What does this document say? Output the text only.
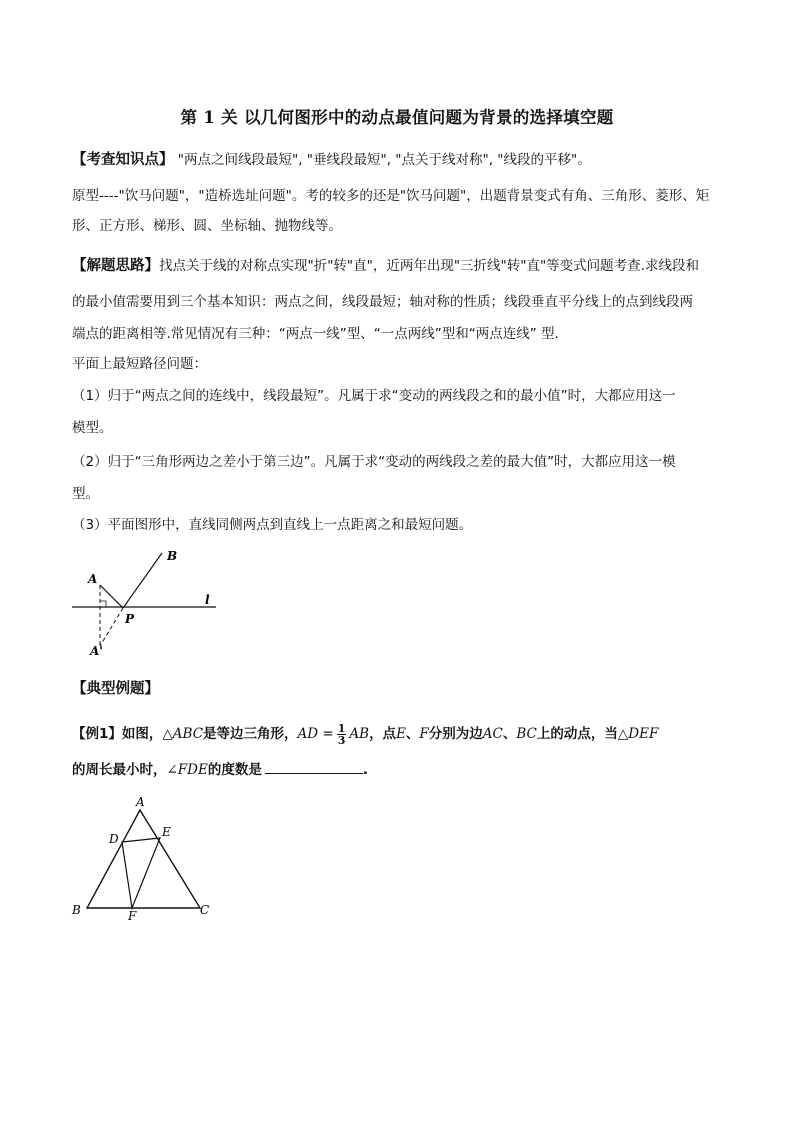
第 1 关 以几何图形中的动点最值问题为背景的选择填空题
【考查知识点】 "两点之间线段最短", "垂线段最短", "点关于线对称", "线段的平移"。
原型----"饮马问题"，"造桥选址问题"。考的较多的还是"饮马问题"，出题背景变式有角、三角形、菱形、矩
形、正方形、梯形、圆、坐标轴、抛物线等。
【解题思路】找点关于线的对称点实现"折"转"直"，近两年出现"三折线"转"直"等变式问题考查.求线段和
的最小值需要用到三个基本知识：两点之间，线段最短；轴对称的性质；线段垂直平分线上的点到线段两
端点的距离相等.常见情况有三种：“两点一线”型、“一点两线”型和“两点连线” 型.
平面上最短路径问题：
（1）归于“两点之间的连线中，线段最短”。凡属于求“变动的两线段之和的最小值”时，大都应用这一
模型。
（2）归于“三角形两边之差小于第三边”。凡属于求“变动的两线段之差的最大值”时，大都应用这一模
型。
（3）平面图形中，直线同侧两点到直线上一点距离之和最短问题。
A
B
P
l
A'
【典型例题】
【例1】如图，△ABC是等边三角形，AD = $\frac{1}{3}$ AB，点E、F分别为边AC、BC上的动点，当△DEF
的周长最小时，∠FDE的度数是	.
A
B	C
D	E
F
